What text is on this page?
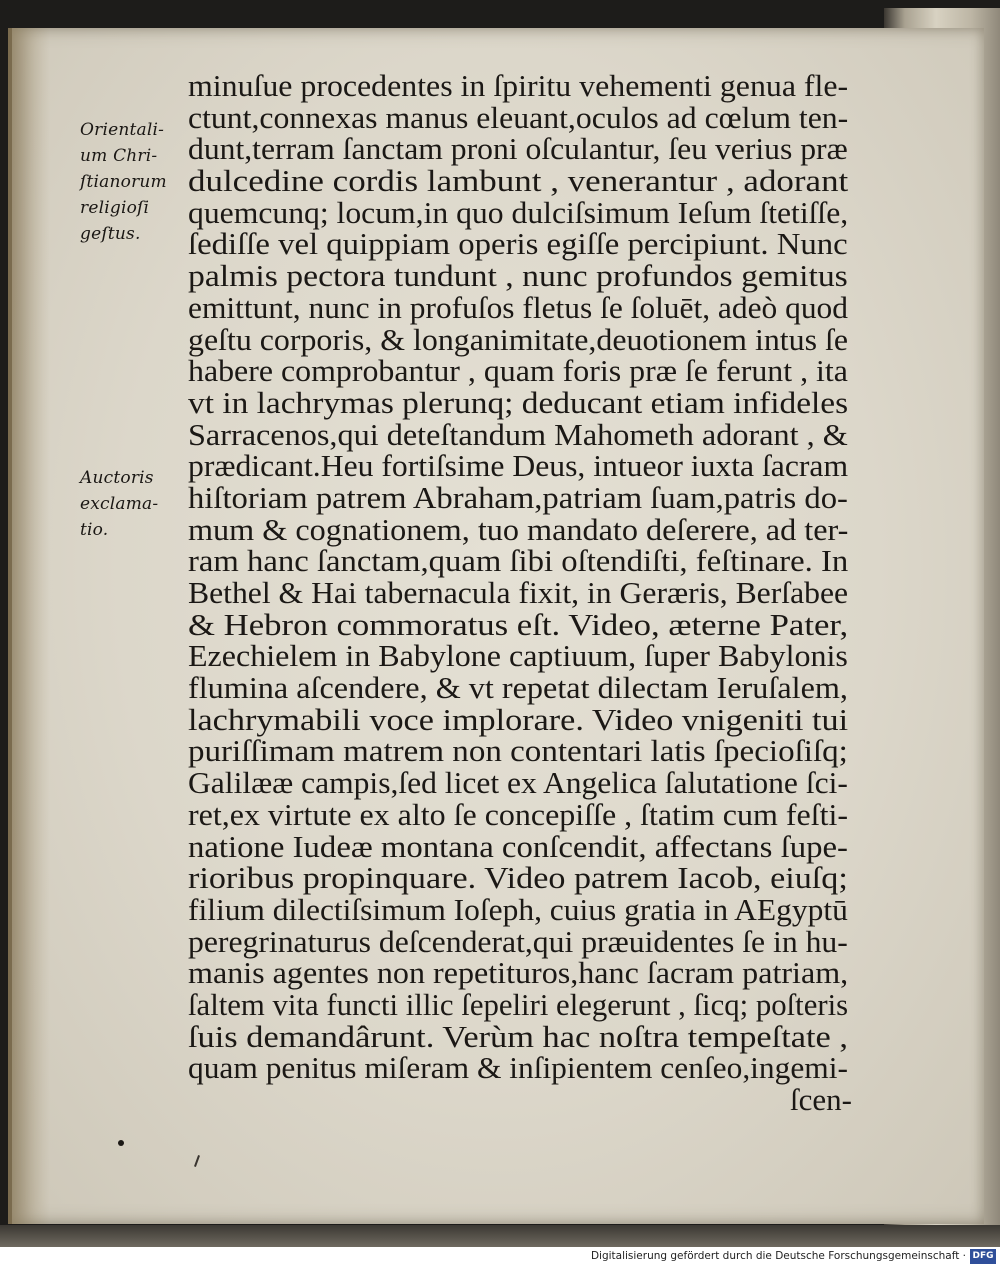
Orientali-
um Chri-
ſtianorum
religioſi
geſtus.
Auctoris
exclama-
tio.
minuſue procedentes in ſpiritu vehementi genua fle-
ctunt,connexas manus eleuant,oculos ad cœlum ten-
dunt,terram ſanctam proni oſculantur, ſeu verius præ
dulcedine cordis lambunt , venerantur , adorant
quemcunq; locum,in quo dulciſsimum Ieſum ſtetiſſe,
ſediſſe vel quippiam operis egiſſe percipiunt. Nunc
palmis pectora tundunt , nunc profundos gemitus
emittunt, nunc in profuſos fletus ſe ſoluēt, adeò quod
geſtu corporis, & longanimitate,deuotionem intus ſe
habere comprobantur , quam foris præ ſe ferunt , ita
vt in lachrymas plerunq; deducant etiam infideles
Sarracenos,qui deteſtandum Mahometh adorant , &
prædicant.Heu fortiſsime Deus, intueor iuxta ſacram
hiſtoriam patrem Abraham,patriam ſuam,patris do-
mum & cognationem, tuo mandato deſerere, ad ter-
ram hanc ſanctam,quam ſibi oſtendiſti, feſtinare. In
Bethel & Hai tabernacula fixit, in Geræris, Berſabee
& Hebron commoratus eſt. Video, æterne Pater,
Ezechielem in Babylone captiuum, ſuper Babylonis
flumina aſcendere, & vt repetat dilectam Ieruſalem,
lachrymabili voce implorare. Video vnigeniti tui
puriſſimam matrem non contentari latis ſpecioſiſq;
Galilææ campis,ſed licet ex Angelica ſalutatione ſci-
ret,ex virtute ex alto ſe concepiſſe , ſtatim cum feſti-
natione Iudeæ montana conſcendit, affectans ſupe-
rioribus propinquare. Video patrem Iacob, eiuſq;
filium dilectiſsimum Ioſeph, cuius gratia in AEgyptū
peregrinaturus deſcenderat,qui præuidentes ſe in hu-
manis agentes non repetituros,hanc ſacram patriam,
ſaltem vita functi illic ſepeliri elegerunt , ſicq; poſteris
ſuis demandârunt. Verùm hac noſtra tempeſtate ,
quam penitus miſeram & inſipientem cenſeo,ingemi-
ſcen-
Digitalisierung gefördert durch die Deutsche Forschungsgemeinschaft · DFG
